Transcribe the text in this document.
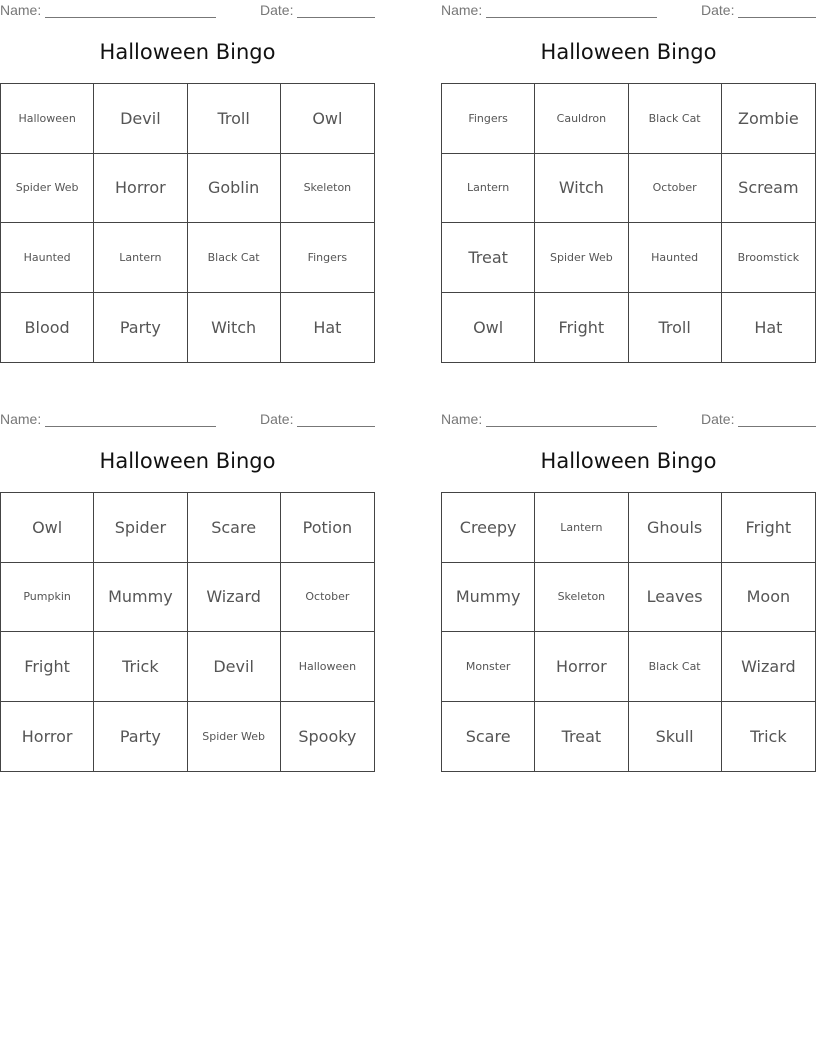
Name:	Date:
Halloween Bingo
Halloween	Devil	Troll	Owl
Spider Web	Horror	Goblin	Skeleton
Haunted	Lantern	Black Cat	Fingers
Blood	Party	Witch	Hat
Name:	Date:
Halloween Bingo
Fingers	Cauldron	Black Cat	Zombie
Lantern	Witch	October	Scream
Treat	Spider Web	Haunted	Broomstick
Owl	Fright	Troll	Hat
Name:	Date:
Halloween Bingo
Owl	Spider	Scare	Potion
Pumpkin	Mummy	Wizard	October
Fright	Trick	Devil	Halloween
Horror	Party	Spider Web	Spooky
Name:	Date:
Halloween Bingo
Creepy	Lantern	Ghouls	Fright
Mummy	Skeleton	Leaves	Moon
Monster	Horror	Black Cat	Wizard
Scare	Treat	Skull	Trick
